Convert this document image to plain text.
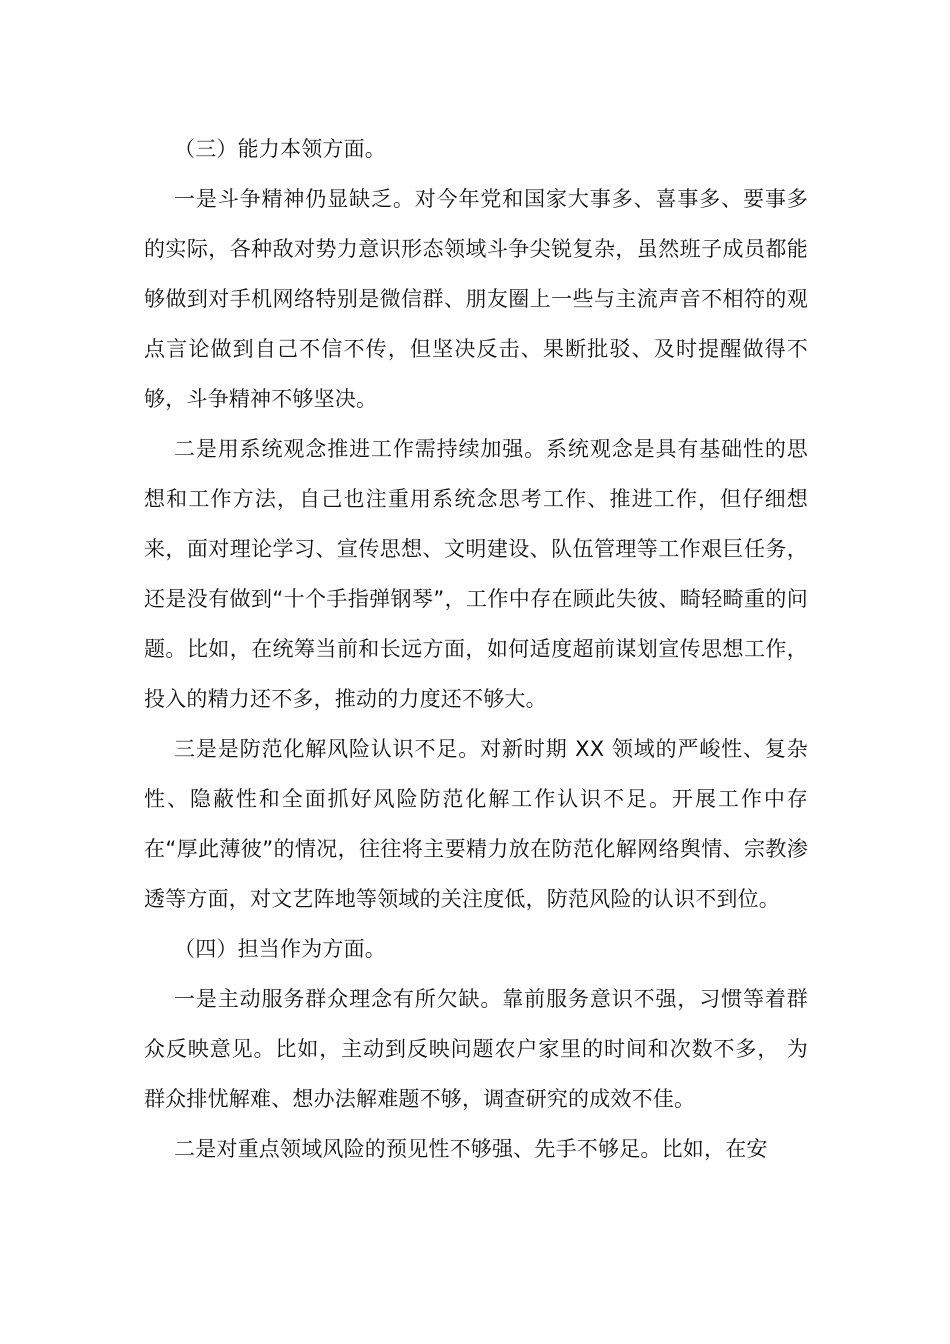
（三）能力本领方面。

一是斗争精神仍显缺乏。对今年党和国家大事多、喜事多、要事多的实际，各种敌对势力意识形态领域斗争尖锐复杂，虽然班子成员都能够做到对手机网络特别是微信群、朋友圈上一些与主流声音不相符的观点言论做到自己不信不传，但坚决反击、果断批驳、及时提醒做得不够，斗争精神不够坚决。

二是用系统观念推进工作需持续加强。系统观念是具有基础性的思想和工作方法，自己也注重用系统念思考工作、推进工作，但仔细想来，面对理论学习、宣传思想、文明建设、队伍管理等工作艰巨任务，还是没有做到“十个手指弹钢琴”，工作中存在顾此失彼、畸轻畸重的问题。比如，在统筹当前和长远方面，如何适度超前谋划宣传思想工作，投入的精力还不多，推动的力度还不够大。

三是是防范化解风险认识不足。对新时期 XX 领域的严峻性、复杂性、隐蔽性和全面抓好风险防范化解工作认识不足。开展工作中存在“厚此薄彼”的情况，往往将主要精力放在防范化解网络舆情、宗教渗透等方面，对文艺阵地等领域的关注度低，防范风险的认识不到位。

（四）担当作为方面。

一是主动服务群众理念有所欠缺。靠前服务意识不强，习惯等着群众反映意见。比如，主动到反映问题农户家里的时间和次数不多， 为群众排忧解难、想办法解难题不够，调查研究的成效不佳。

二是对重点领域风险的预见性不够强、先手不够足。比如，在安
